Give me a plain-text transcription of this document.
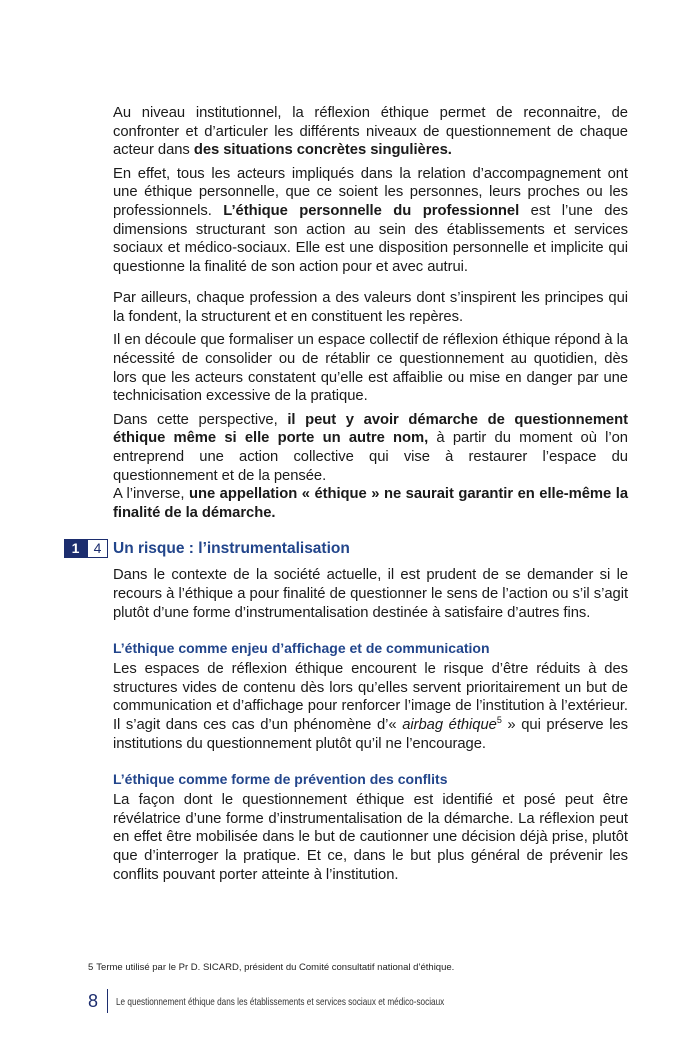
Au niveau institutionnel, la réflexion éthique permet de reconnaitre, de confronter et d’articuler les différents niveaux de questionnement de chaque acteur dans des situations concrètes singulières.

En effet, tous les acteurs impliqués dans la relation d’accompagnement ont une éthique personnelle, que ce soient les personnes, leurs proches ou les professionnels. L’éthique personnelle du professionnel est l’une des dimensions structurant son action au sein des établissements et services sociaux et médico-sociaux. Elle est une disposition personnelle et implicite qui questionne la finalité de son action pour et avec autrui.

Par ailleurs, chaque profession a des valeurs dont s’inspirent les principes qui la fondent, la structurent et en constituent les repères.

Il en découle que formaliser un espace collectif de réflexion éthique répond à la nécessité de consolider ou de rétablir ce questionnement au quotidien, dès lors que les acteurs constatent qu’elle est affaiblie ou mise en danger par une technicisation excessive de la pratique.

Dans cette perspective, il peut y avoir démarche de questionnement éthique même si elle porte un autre nom, à partir du moment où l’on entreprend une action collective qui vise à restaurer l’espace du questionnement et de la pensée.

A l’inverse, une appellation « éthique » ne saurait garantir en elle-même la finalité de la démarche.

1	4 Un risque : l’instrumentalisation

Dans le contexte de la société actuelle, il est prudent de se demander si le recours à l’éthique a pour finalité de questionner le sens de l’action ou s’il s’agit plutôt d’une forme d’instrumentalisation destinée à satisfaire d’autres fins.

L’éthique comme enjeu d’affichage et de communication

Les espaces de réflexion éthique encourent le risque d’être réduits à des structures vides de contenu dès lors qu’elles servent prioritairement un but de communication et d’affichage pour renforcer l’image de l’institution à l’extérieur. Il s’agit dans ces cas d’un phénomène d’« airbag éthique$^5$ » qui préserve les institutions du questionnement plutôt qu’il ne l’encourage.

L’éthique comme forme de prévention des conflits

La façon dont le questionnement éthique est identifié et posé peut être révélatrice d’une forme d’instrumentalisation de la démarche. La réflexion peut en effet être mobilisée dans le but de cautionner une décision déjà prise, plutôt que d’interroger la pratique. Et ce, dans le but plus général de prévenir les conflits pouvant porter atteinte à l’institution.

5 Terme utilisé par le Pr D. SICARD, président du Comité consultatif national d’éthique.
8 Le questionnement éthique dans les établissements et services sociaux et médico-sociaux
